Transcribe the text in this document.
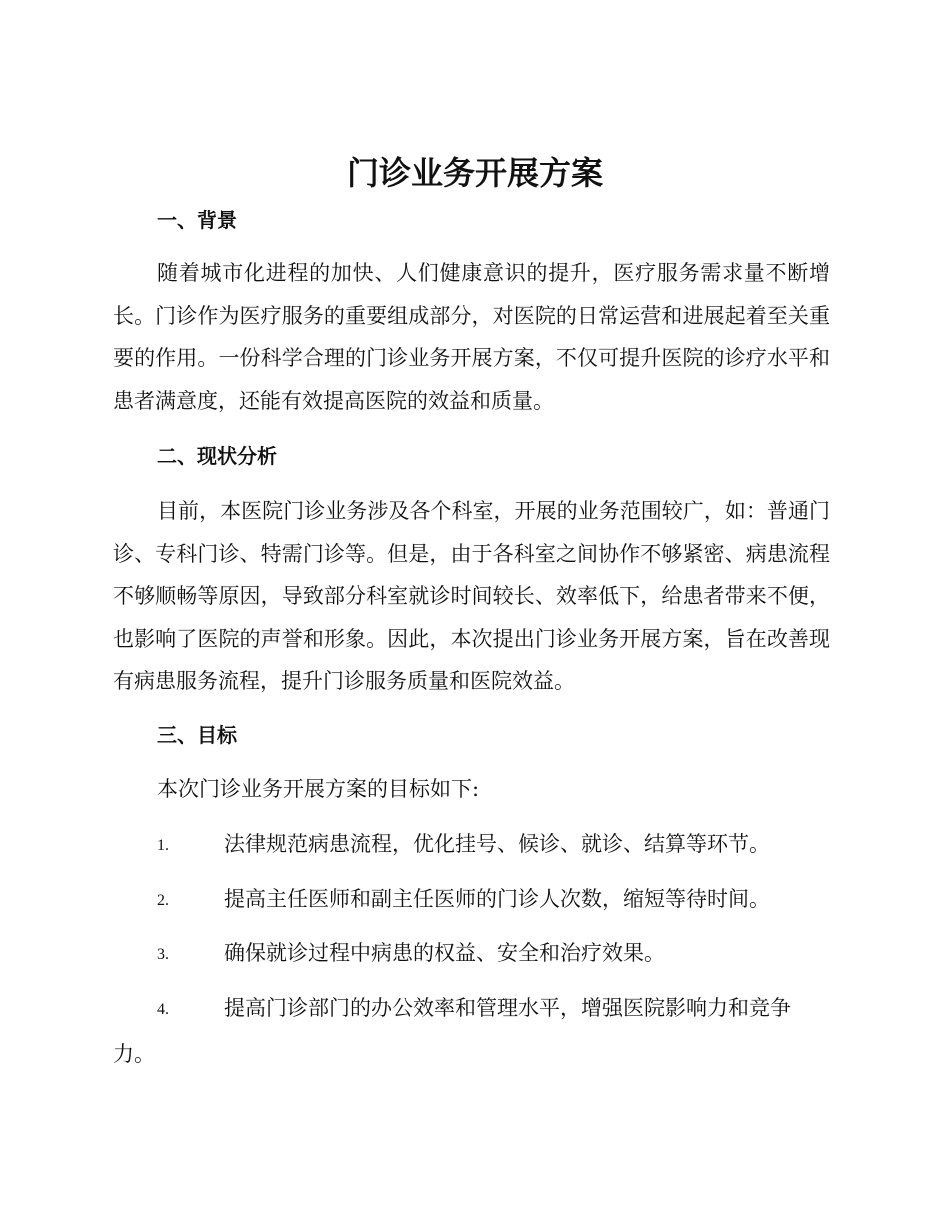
门诊业务开展方案
一、背景

随着城市化进程的加快、人们健康意识的提升，医疗服务需求量不断增长。门诊作为医疗服务的重要组成部分，对医院的日常运营和进展起着至关重要的作用。一份科学合理的门诊业务开展方案，不仅可提升医院的诊疗水平和患者满意度，还能有效提高医院的效益和质量。

二、现状分析

目前，本医院门诊业务涉及各个科室，开展的业务范围较广，如：普通门诊、专科门诊、特需门诊等。但是，由于各科室之间协作不够紧密、病患流程不够顺畅等原因，导致部分科室就诊时间较长、效率低下，给患者带来不便，也影响了医院的声誉和形象。因此，本次提出门诊业务开展方案，旨在改善现有病患服务流程，提升门诊服务质量和医院效益。

三、目标

本次门诊业务开展方案的目标如下:

1.	法律规范病患流程，优化挂号、候诊、就诊、结算等环节。
2.	提高主任医师和副主任医师的门诊人次数，缩短等待时间。
3.	确保就诊过程中病患的权益、安全和治疗效果。
4.	提高门诊部门的办公效率和管理水平，增强医院影响力和竞争
力。
